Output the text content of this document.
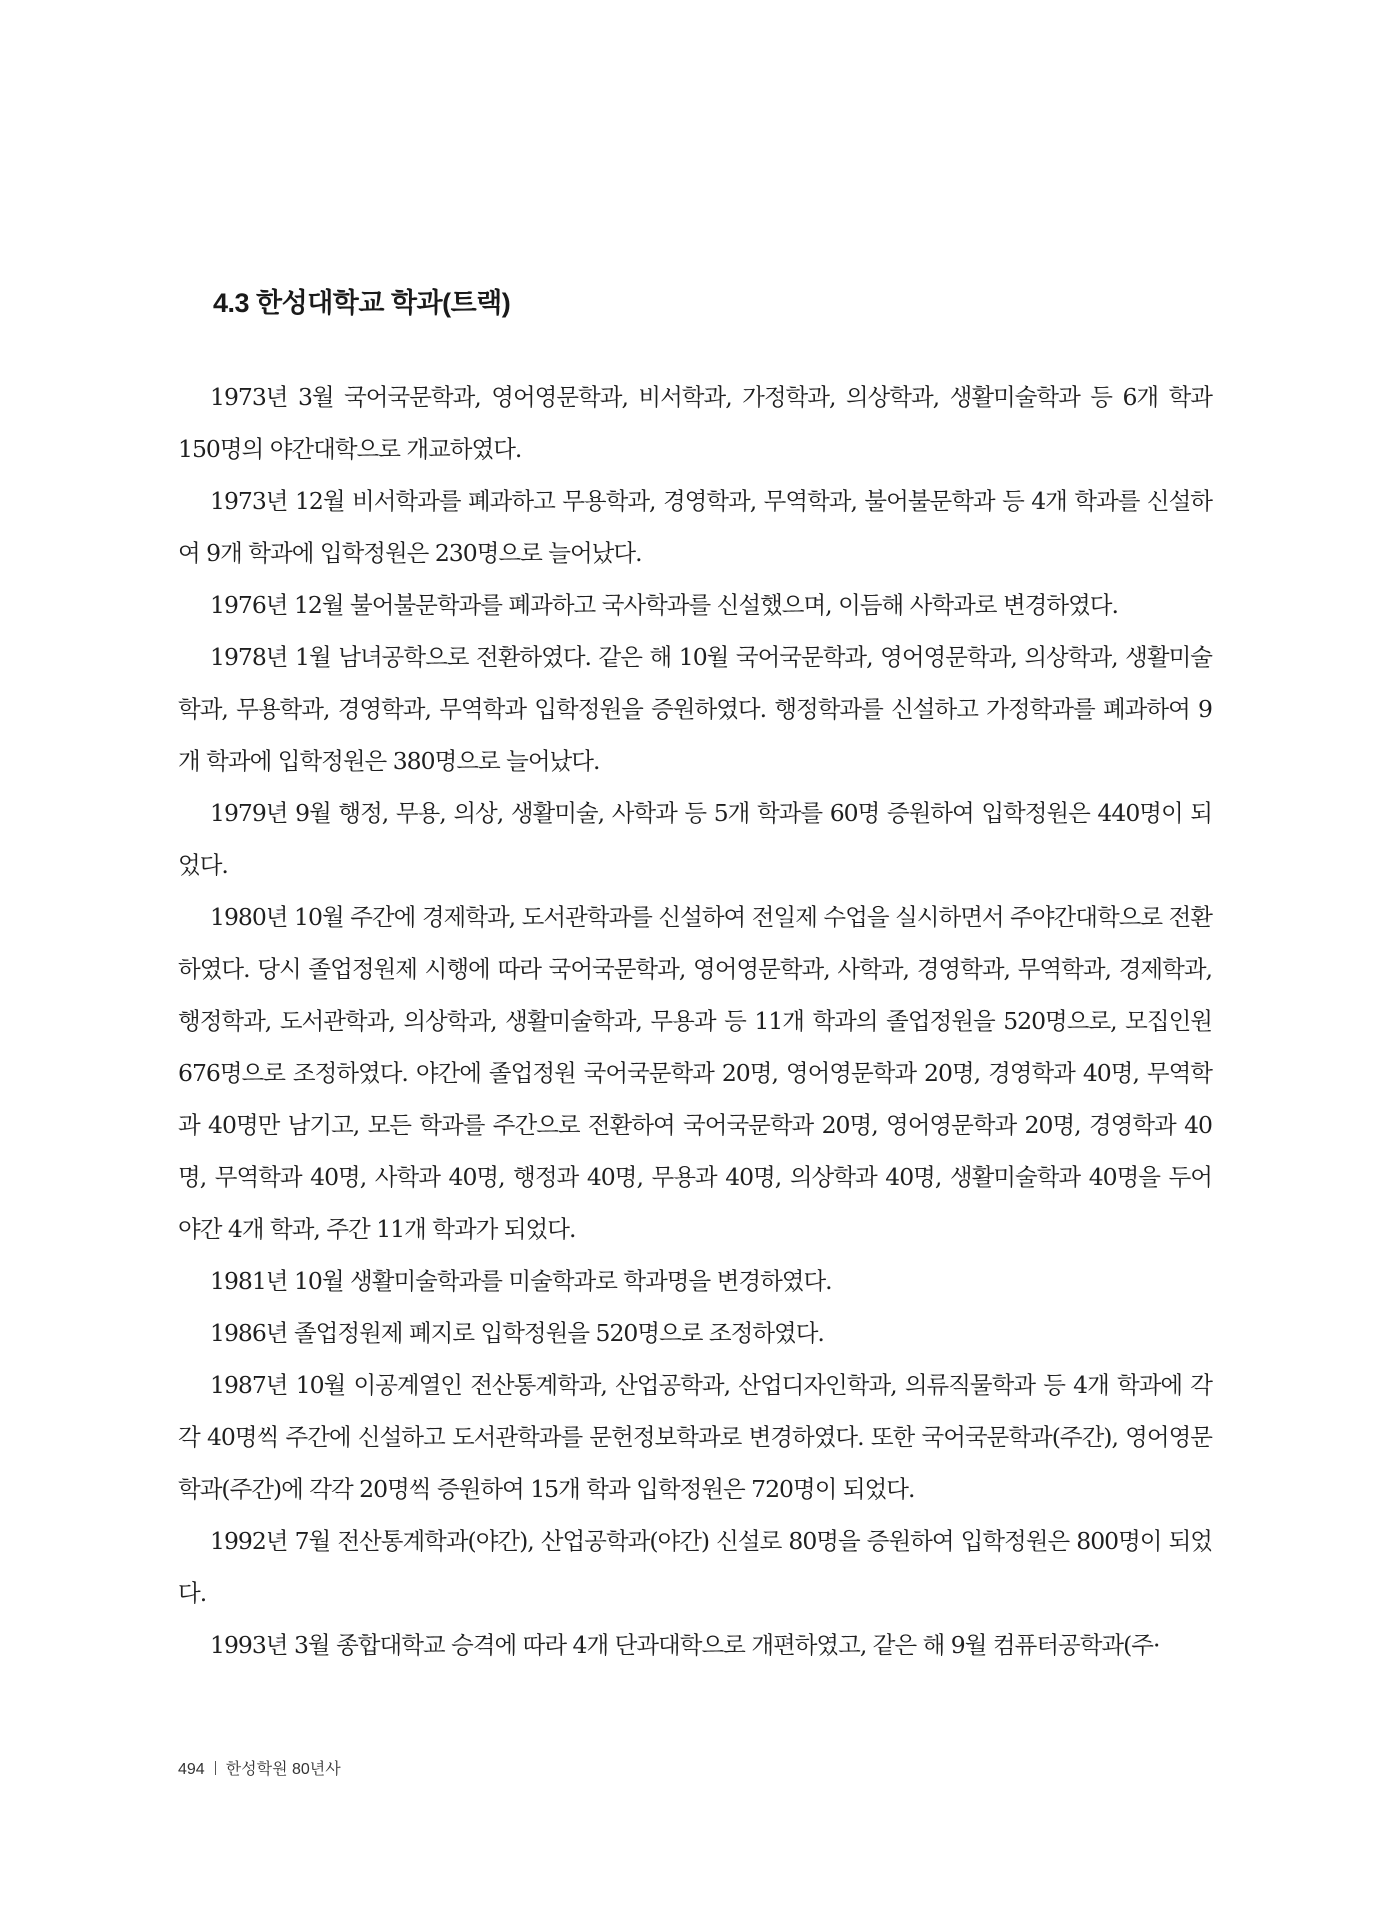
4.3 한성대학교 학과(트랙)

1973년 3월 국어국문학과, 영어영문학과, 비서학과, 가정학과, 의상학과, 생활미술학과 등 6개 학과 150명의 야간대학으로 개교하였다.

1973년 12월 비서학과를 폐과하고 무용학과, 경영학과, 무역학과, 불어불문학과 등 4개 학과를 신설하여 9개 학과에 입학정원은 230명으로 늘어났다.

1976년 12월 불어불문학과를 폐과하고 국사학과를 신설했으며, 이듬해 사학과로 변경하였다.

1978년 1월 남녀공학으로 전환하였다. 같은 해 10월 국어국문학과, 영어영문학과, 의상학과, 생활미술학과, 무용학과, 경영학과, 무역학과 입학정원을 증원하였다. 행정학과를 신설하고 가정학과를 폐과하여 9개 학과에 입학정원은 380명으로 늘어났다.

1979년 9월 행정, 무용, 의상, 생활미술, 사학과 등 5개 학과를 60명 증원하여 입학정원은 440명이 되었다.

1980년 10월 주간에 경제학과, 도서관학과를 신설하여 전일제 수업을 실시하면서 주야간대학으로 전환하였다. 당시 졸업정원제 시행에 따라 국어국문학과, 영어영문학과, 사학과, 경영학과, 무역학과, 경제학과, 행정학과, 도서관학과, 의상학과, 생활미술학과, 무용과 등 11개 학과의 졸업정원을 520명으로, 모집인원 676명으로 조정하였다. 야간에 졸업정원 국어국문학과 20명, 영어영문학과 20명, 경영학과 40명, 무역학과 40명만 남기고, 모든 학과를 주간으로 전환하여 국어국문학과 20명, 영어영문학과 20명, 경영학과 40명, 무역학과 40명, 사학과 40명, 행정과 40명, 무용과 40명, 의상학과 40명, 생활미술학과 40명을 두어 야간 4개 학과, 주간 11개 학과가 되었다.

1981년 10월 생활미술학과를 미술학과로 학과명을 변경하였다.

1986년 졸업정원제 폐지로 입학정원을 520명으로 조정하였다.

1987년 10월 이공계열인 전산통계학과, 산업공학과, 산업디자인학과, 의류직물학과 등 4개 학과에 각각 40명씩 주간에 신설하고 도서관학과를 문헌정보학과로 변경하였다. 또한 국어국문학과(주간), 영어영문학과(주간)에 각각 20명씩 증원하여 15개 학과 입학정원은 720명이 되었다.

1992년 7월 전산통계학과(야간), 산업공학과(야간) 신설로 80명을 증원하여 입학정원은 800명이 되었다.

1993년 3월 종합대학교 승격에 따라 4개 단과대학으로 개편하였고, 같은 해 9월 컴퓨터공학과(주·

494 한성학원 80년사
